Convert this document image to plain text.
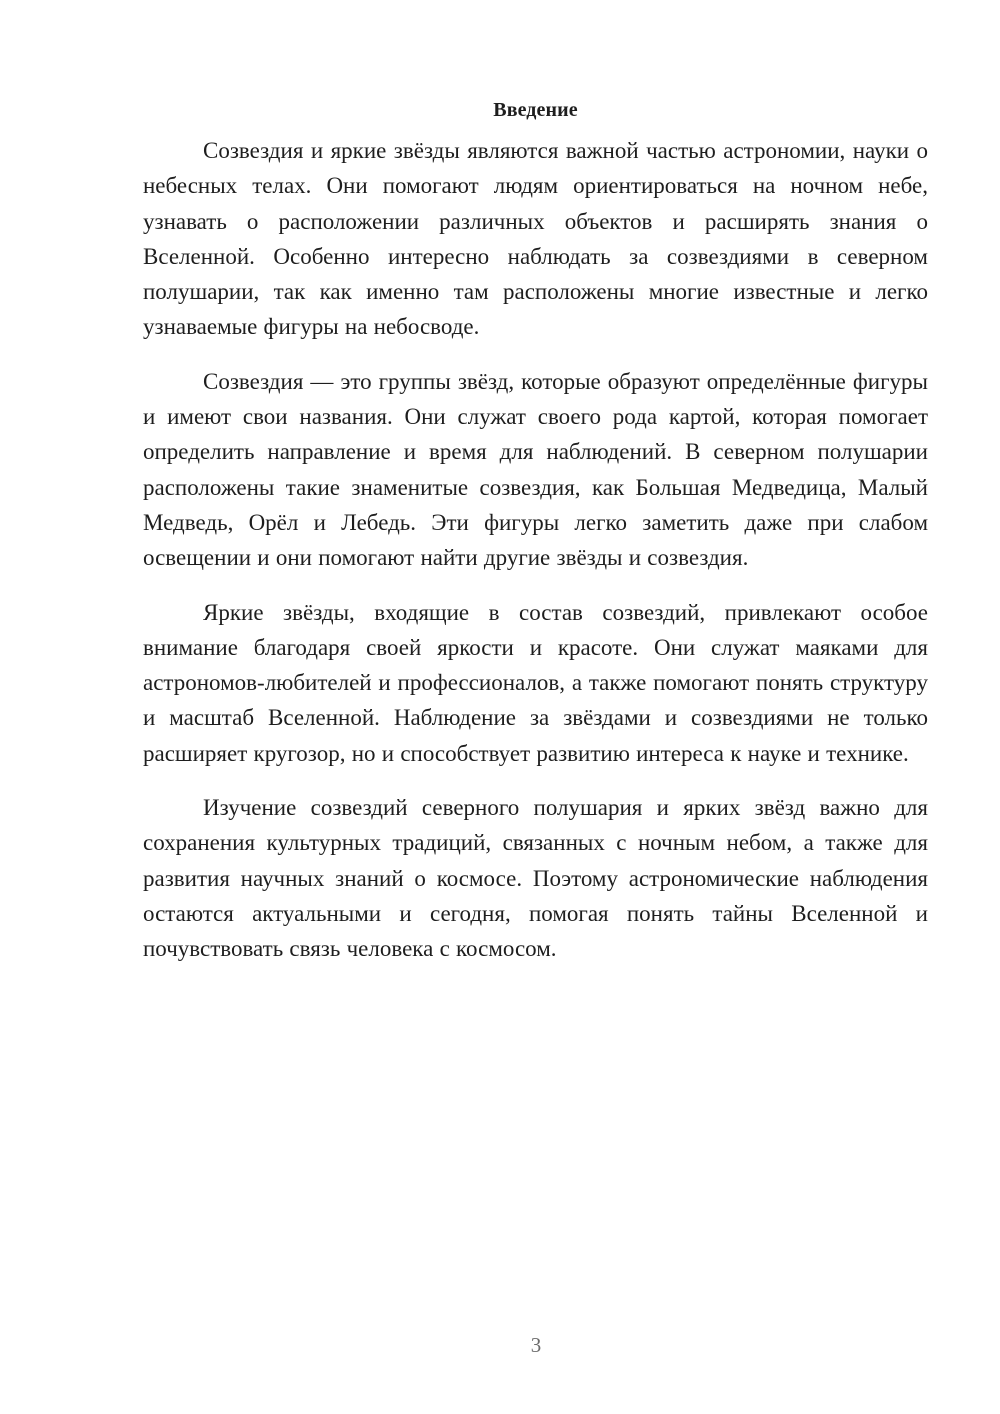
Введение

Созвездия и яркие звёзды являются важной частью астрономии, науки о небесных телах. Они помогают людям ориентироваться на ночном небе, узнавать о расположении различных объектов и расширять знания о Вселенной. Особенно интересно наблюдать за созвездиями в северном полушарии, так как именно там расположены многие известные и легко узнаваемые фигуры на небосводе.

Созвездия — это группы звёзд, которые образуют определённые фигуры и имеют свои названия. Они служат своего рода картой, которая помогает определить направление и время для наблюдений. В северном полушарии расположены такие знаменитые созвездия, как Большая Медведица, Малый Медведь, Орёл и Лебедь. Эти фигуры легко заметить даже при слабом освещении и они помогают найти другие звёзды и созвездия.

Яркие звёзды, входящие в состав созвездий, привлекают особое внимание благодаря своей яркости и красоте. Они служат маяками для астрономов-любителей и профессионалов, а также помогают понять структуру и масштаб Вселенной. Наблюдение за звёздами и созвездиями не только расширяет кругозор, но и способствует развитию интереса к науке и технике.

Изучение созвездий северного полушария и ярких звёзд важно для сохранения культурных традиций, связанных с ночным небом, а также для развития научных знаний о космосе. Поэтому астрономические наблюдения остаются актуальными и сегодня, помогая понять тайны Вселенной и почувствовать связь человека с космосом.

3
